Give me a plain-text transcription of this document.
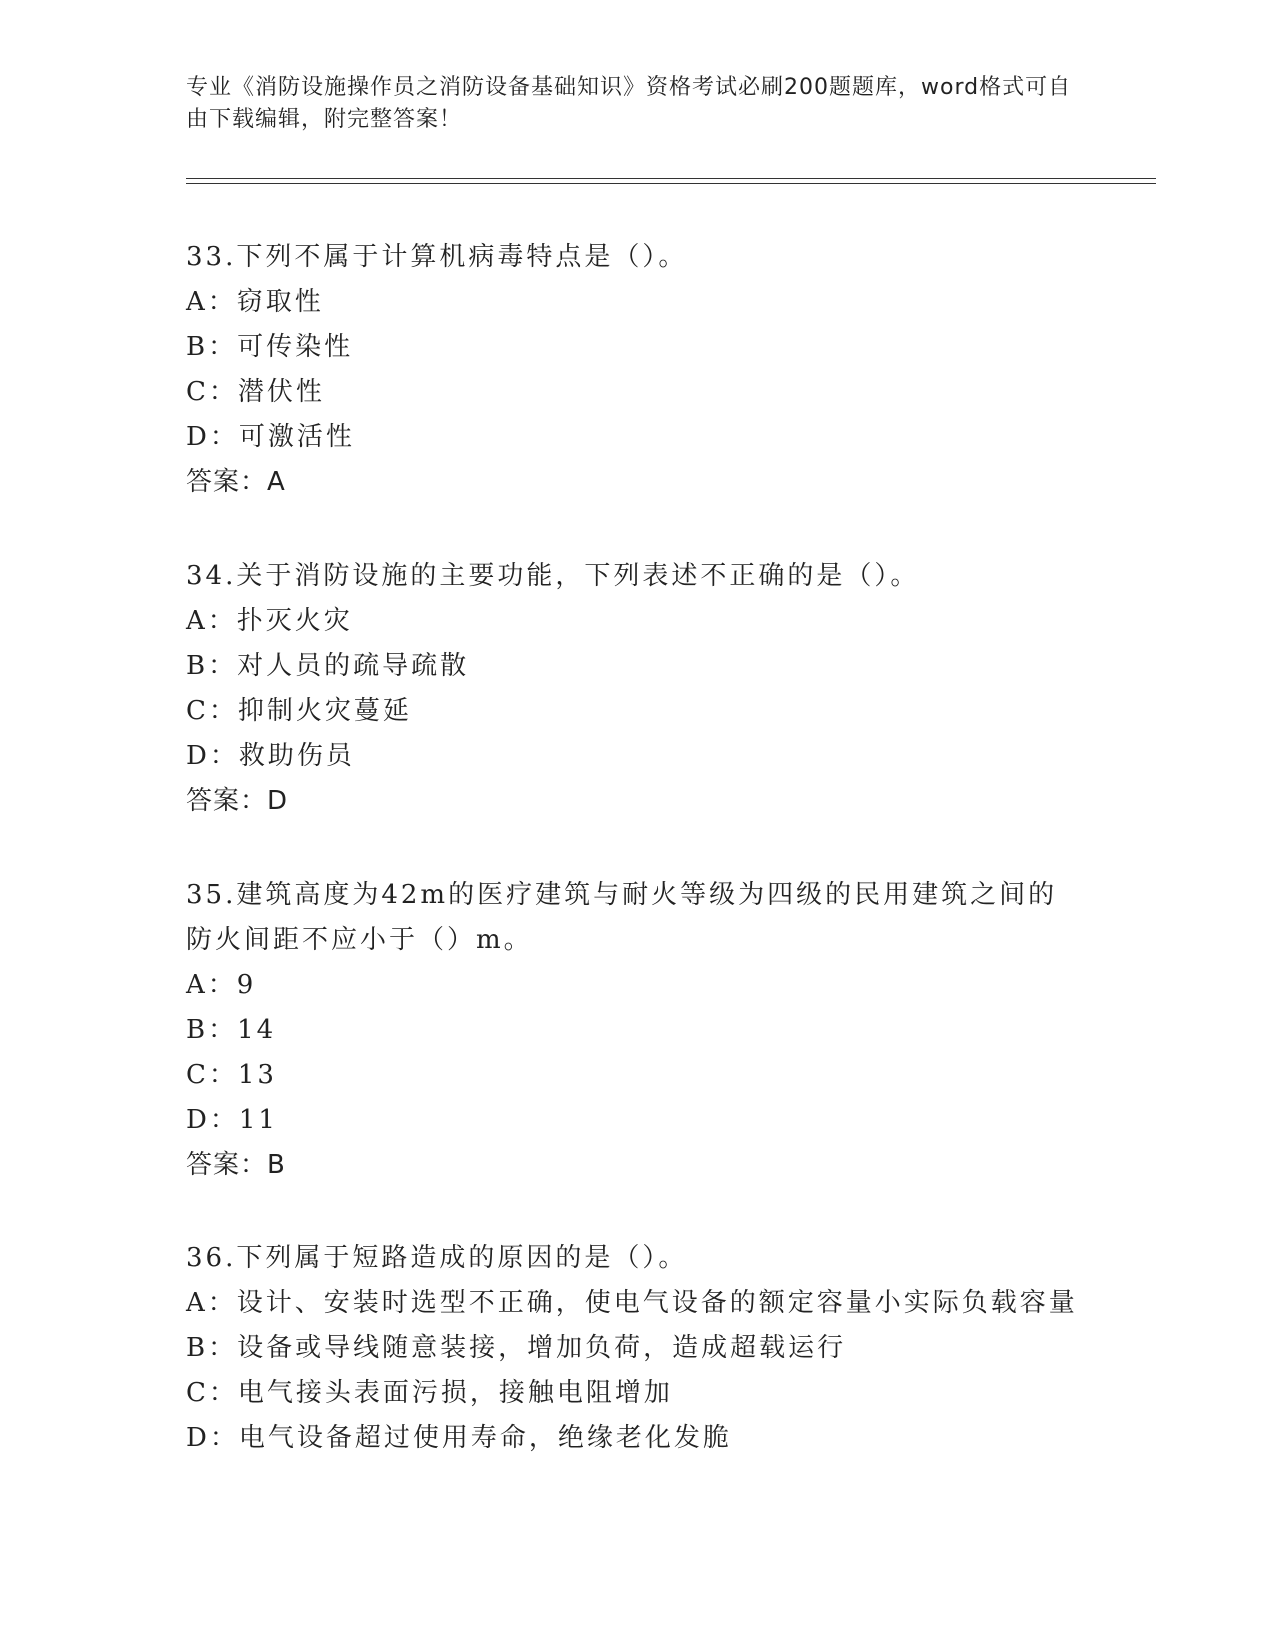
专业《消防设施操作员之消防设备基础知识》资格考试必刷200题题库，word格式可自由下载编辑，附完整答案！
33.下列不属于计算机病毒特点是（）。
A：窃取性
B：可传染性
C：潜伏性
D：可激活性
答案：A
34.关于消防设施的主要功能，下列表述不正确的是（）。
A：扑灭火灾
B：对人员的疏导疏散
C：抑制火灾蔓延
D：救助伤员
答案：D
35.建筑高度为42m的医疗建筑与耐火等级为四级的民用建筑之间的防火间距不应小于（）m。
A：9
B：14
C：13
D：11
答案：B
36.下列属于短路造成的原因的是（）。
A：设计、安装时选型不正确，使电气设备的额定容量小实际负载容量
B：设备或导线随意装接，增加负荷，造成超载运行
C：电气接头表面污损，接触电阻增加
D：电气设备超过使用寿命，绝缘老化发脆
